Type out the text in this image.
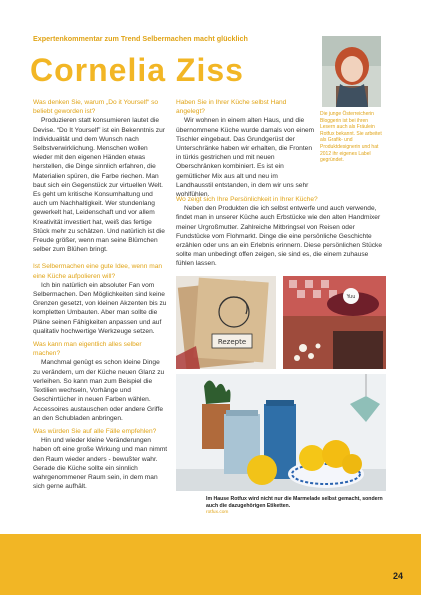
Expertenkommentar zum Trend Selbermachen macht glücklich
Cornelia Ziss
Was denken Sie, warum „Do it Yourself“ so beliebt geworden ist?

Produzieren statt konsumieren lautet die Devise. “Do It Yourself” ist ein Bekenntnis zur Individualität und dem Wunsch nach Selbstverwirklichung. Menschen wollen wieder mit den eigenen Händen etwas herstellen, die Dinge sinnlich erfahren, die Materialien spüren, die Farbe riechen. Man baut sich ein Gegenstück zur virtuellen Welt. Es geht um kritische Konsumhaltung und auch um Nachhaltigkeit. Wer stundenlang gewerkelt hat, Leidenschaft und vor allem Kreativität investiert hat, weiß das fertige Stück mehr zu schätzen. Und natürlich ist die Freude größer, wenn man seine Blümchen selber zum Blühen bringt.

Ist Selbermachen eine gute Idee, wenn man eine Küche aufpolieren will?

Ich bin natürlich ein absoluter Fan vom Selbermachen. Den Möglichkeiten sind keine Grenzen gesetzt, von kleinen Akzenten bis zu kompletten Umbauten. Aber man sollte die Pläne seinen Fähigkeiten anpassen und auf qualitativ hochwertige Werkzeuge setzen.

Was kann man eigentlich alles selber machen?

Manchmal genügt es schon kleine Dinge zu verändern, um der Küche neuen Glanz zu verleihen. So kann man zum Beispiel die Textilien wechseln, Vorhänge und Geschirrtücher in neuen Farben wählen. Accessoires austauschen oder andere Griffe an den Schubladen anbringen.

Was würden Sie auf alle Fälle empfehlen?

Hin und wieder kleine Veränderungen haben oft eine große Wirkung und man nimmt den Raum wieder anders - bewußter wahr. Gerade die Küche sollte ein sinnlich wahrgenommener Raum sein, in dem man sich gerne aufhält.

Haben Sie in Ihrer Küche selbst Hand angelegt?

Wir wohnen in einem alten Haus, und die übernommene Küche wurde damals von einem Tischler eingebaut. Das Grundgerüst der Unterschränke haben wir erhalten, die Fronten in türkis gestrichen und mit neuen Oberschränken kombiniert. Es ist ein gemütlicher Mix aus alt und neu im Landhausstil entstanden, in dem wir uns sehr wohlfühlen.

Wo zeigt sich Ihre Persönlichkeit in Ihrer Küche?

Neben den Produkten die ich selbst entwerfe und auch verwende, findet man in unserer Küche auch Erbstücke wie den alten Handmixer meiner Urgroßmutter. Zahlreiche Mitbringsel von Reisen oder Fundstücke vom Flohmarkt. Dinge die eine persönliche Geschichte erzählen oder uns an ein Erlebnis erinnern. Diese persönlichen Stücke sollte man unbedingt offen zeigen, sie sind es, die einem zuhause fühlen lassen.

Die junge Österreicherin Bloggerin ist bei ihren Lesern auch als Fräulein Rotfux bekannt. Sie arbeitet als Grafik- und Produktdesignerin und hat 2012 ihr eigenes Label gegründet.
Rezepte
Yuu
Im Hause Rotfux wird nicht nur die Marmelade selbst gemacht, sondern auch die dazugehörigen Etiketten.
rotfux.com
24
